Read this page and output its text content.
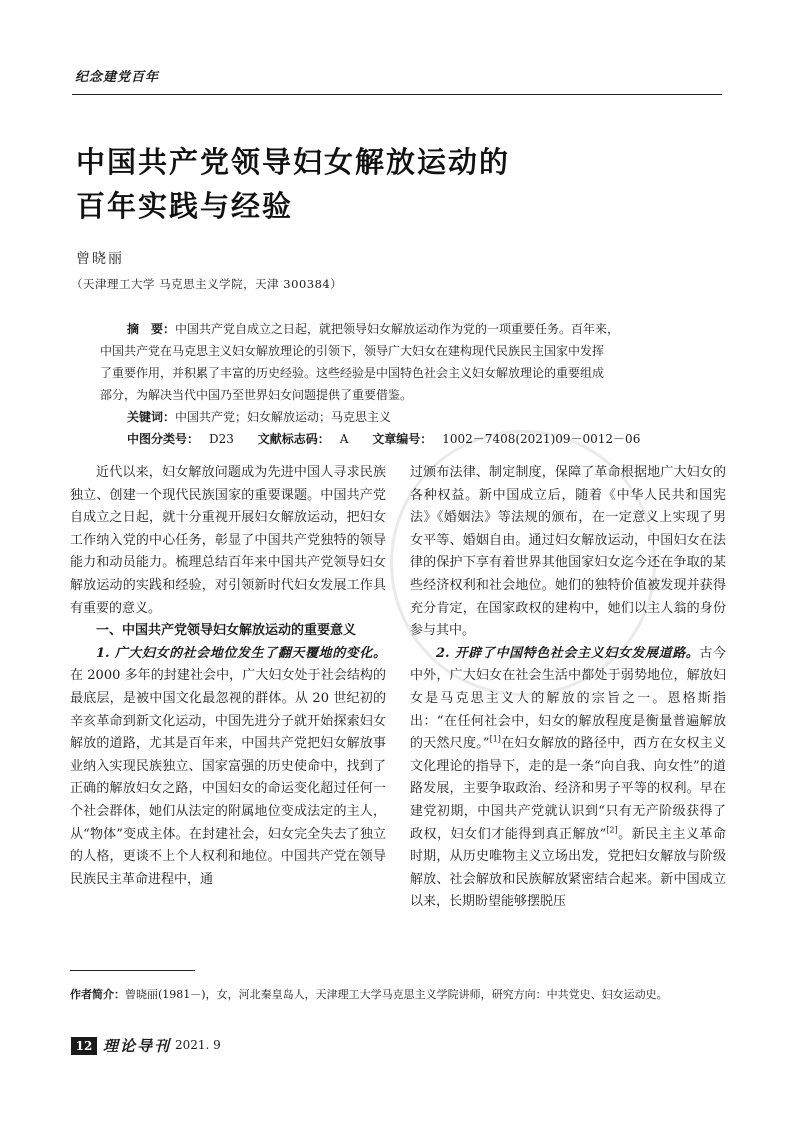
纪念建党百年
中国共产党领导妇女解放运动的
百年实践与经验
曾晓丽
（天津理工大学 马克思主义学院，天津 300384）

摘　要：中国共产党自成立之日起，就把领导妇女解放运动作为党的一项重要任务。百年来，

中国共产党在马克思主义妇女解放理论的引领下，领导广大妇女在建构现代民族民主国家中发挥

了重要作用，并积累了丰富的历史经验。这些经验是中国特色社会主义妇女解放理论的重要组成

部分，为解决当代中国乃至世界妇女问题提供了重要借鉴。

关键词：中国共产党；妇女解放运动；马克思主义

中图分类号： D23 文献标志码： A 文章编号： 1002－7408(2021)09－0012－06

近代以来，妇女解放问题成为先进中国人寻求民族独立、创建一个现代民族国家的重要课题。中国共产党自成立之日起，就十分重视开展妇女解放运动，把妇女工作纳入党的中心任务，彰显了中国共产党独特的领导能力和动员能力。梳理总结百年来中国共产党领导妇女解放运动的实践和经验，对引领新时代妇女发展工作具有重要的意义。

一、中国共产党领导妇女解放运动的重要意义

1. 广大妇女的社会地位发生了翻天覆地的变化。在 2000 多年的封建社会中，广大妇女处于社会结构的最底层，是被中国文化最忽视的群体。从 20 世纪初的辛亥革命到新文化运动，中国先进分子就开始探索妇女解放的道路，尤其是百年来，中国共产党把妇女解放事业纳入实现民族独立、国家富强的历史使命中，找到了正确的解放妇女之路，中国妇女的命运变化超过任何一个社会群体，她们从法定的附属地位变成法定的主人，从“物体”变成主体。在封建社会，妇女完全失去了独立的人格，更谈不上个人权利和地位。中国共产党在领导民族民主革命进程中，通

过颁布法律、制定制度，保障了革命根据地广大妇女的各种权益。新中国成立后，随着《中华人民共和国宪法》《婚姻法》等法规的颁布，在一定意义上实现了男女平等、婚姻自由。通过妇女解放运动，中国妇女在法律的保护下享有着世界其他国家妇女迄今还在争取的某些经济权利和社会地位。她们的独特价值被发现并获得充分肯定，在国家政权的建构中，她们以主人翁的身份参与其中。

2. 开辟了中国特色社会主义妇女发展道路。古今中外，广大妇女在社会生活中都处于弱势地位，解放妇女是马克思主义人的解放的宗旨之一。恩格斯指出：“在任何社会中，妇女的解放程度是衡量普遍解放的天然尺度。”[1]在妇女解放的路径中，西方在女权主义文化理论的指导下，走的是一条“向自我、向女性”的道路发展，主要争取政治、经济和男子平等的权利。早在建党初期，中国共产党就认识到“只有无产阶级获得了政权，妇女们才能得到真正解放”[2]。新民主主义革命时期，从历史唯物主义立场出发，党把妇女解放与阶级解放、社会解放和民族解放紧密结合起来。新中国成立以来，长期盼望能够摆脱压

作者简介：曾晓丽(1981－)，女，河北秦皇岛人，天津理工大学马克思主义学院讲师，研究方向：中共党史、妇女运动史。
12 理论导刊 2021. 9
